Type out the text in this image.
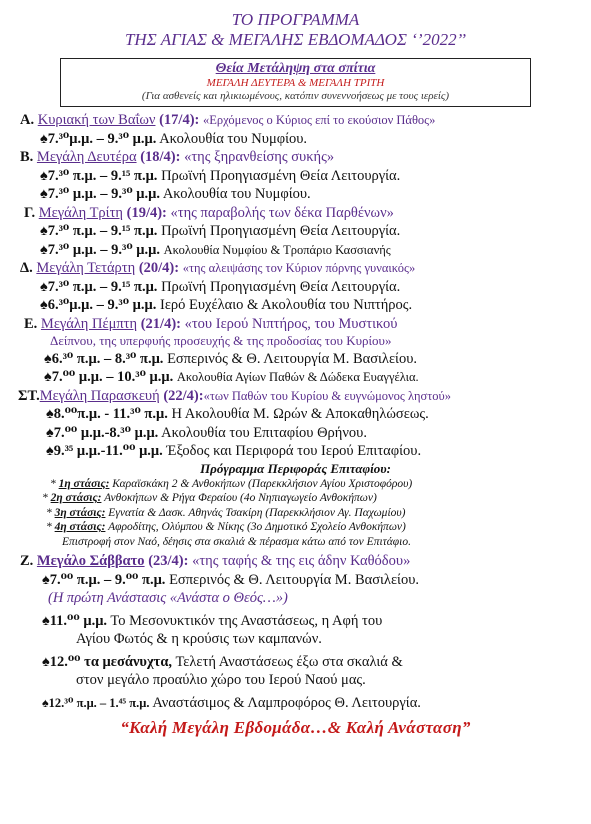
ΤΟ ΠΡΟΓΡΑΜΜΑ
ΤΗΣ ΑΓΙΑΣ & ΜΕΓΑΛΗΣ ΕΒΔΟΜΑΔΟΣ ‘’2022’’
Θεία Μετάληψη στα σπίτια
ΜΕΓΑΛΗ ΔΕΥΤΕΡΑ & ΜΕΓΑΛΗ ΤΡΙΤΗ
(Για ασθενείς και ηλικιωμένους, κατόπιν συνεννοήσεως με τους ιερείς)
Α. Κυριακή των Βαΐων (17/4): «Ερχόμενος ο Κύριος επί το εκούσιον Πάθος»
♠7.³⁰μ.μ. – 9.³⁰ μ.μ. Ακολουθία του Νυμφίου.
Β. Μεγάλη Δευτέρα (18/4): «της ξηρανθείσης συκής»
♠7.³⁰ π.μ. – 9.¹⁵ π.μ. Πρωϊνή Προηγιασμένη Θεία Λειτουργία.
♠7.³⁰ μ.μ. – 9.³⁰ μ.μ. Ακολουθία του Νυμφίου.
Γ. Μεγάλη Τρίτη (19/4): «της παραβολής των δέκα Παρθένων»
♠7.³⁰ π.μ. – 9.¹⁵ π.μ. Πρωϊνή Προηγιασμένη Θεία Λειτουργία.
♠7.³⁰ μ.μ. – 9.³⁰ μ.μ. Ακολουθία Νυμφίου & Τροπάριο Κασσιανής
Δ. Μεγάλη Τετάρτη (20/4): «της αλειψάσης τον Κύριον πόρνης γυναικός»
♠7.³⁰ π.μ. – 9.¹⁵ π.μ. Πρωϊνή Προηγιασμένη Θεία Λειτουργία.
♠6.³⁰μ.μ. – 9.³⁰ μ.μ. Ιερό Ευχέλαιο & Ακολουθία του Νιπτήρος.
Ε. Μεγάλη Πέμπτη (21/4): «του Ιερού Νιπτήρος, του Μυστικού
Δείπνου, της υπερφυής προσευχής & της προδοσίας του Κυρίου»
♠6.³⁰ π.μ. – 8.³⁰ π.μ. Εσπερινός & Θ. Λειτουργία Μ. Βασιλείου.
♠7.⁰⁰ μ.μ. – 10.³⁰ μ.μ. Ακολουθία Αγίων Παθών & Δώδεκα Ευαγγέλια.
ΣΤ.Μεγάλη Παρασκευή (22/4):«των Παθών του Κυρίου & ευγνώμονος ληστού»
♠8.⁰⁰π.μ. - 11.³⁰ π.μ. Η Ακολουθία Μ. Ωρών & Αποκαθηλώσεως.
♠7.⁰⁰ μ.μ.-8.³⁰ μ.μ. Ακολουθία του Επιταφίου Θρήνου.
♠9.³⁵ μ.μ.-11.⁰⁰ μ.μ. Έξοδος και Περιφορά του Ιερού Επιταφίου.
Πρόγραμμα Περιφοράς Επιταφίου:
* 1η στάσις: Καραϊσκάκη 2 & Ανθοκήπων (Παρεκκλήσιον Αγίου Χριστοφόρου)
* 2η στάσις: Ανθοκήπων & Ρήγα Φεραίου (4ο Νηπιαγωγείο Ανθοκήπων)
* 3η στάσις: Εγνατία & Δασκ. Αθηνάς Τσακίρη (Παρεκκλήσιον Αγ. Παχωμίου)
* 4η στάσις: Αφροδίτης, Ολύμπου & Νίκης (3ο Δημοτικό Σχολείο Ανθοκήπων)
Επιστροφή στον Ναό, δέησις στα σκαλιά & πέρασμα κάτω από τον Επιτάφιο.
Ζ. Μεγάλο Σάββατο (23/4): «της ταφής & της εις άδην Καθόδου»
♠7.⁰⁰ π.μ. – 9.⁰⁰ π.μ. Εσπερινός & Θ. Λειτουργία Μ. Βασιλείου.
(Η πρώτη Ανάστασις «Ανάστα ο Θεός…»)
♠11.⁰⁰ μ.μ. Το Μεσονυκτικόν της Αναστάσεως, η Αφή του
Αγίου Φωτός & η κρούσις των καμπανών.
♠12.⁰⁰ τα μεσάνυχτα, Τελετή Αναστάσεως έξω στα σκαλιά &
στον μεγάλο προαύλιο χώρο του Ιερού Ναού μας.
♠12.³⁰ π.μ. – 1.⁴⁵ π.μ. Αναστάσιμος & Λαμπροφόρος Θ. Λειτουργία.
“Καλή Μεγάλη Εβδομάδα…& Καλή Ανάσταση”
